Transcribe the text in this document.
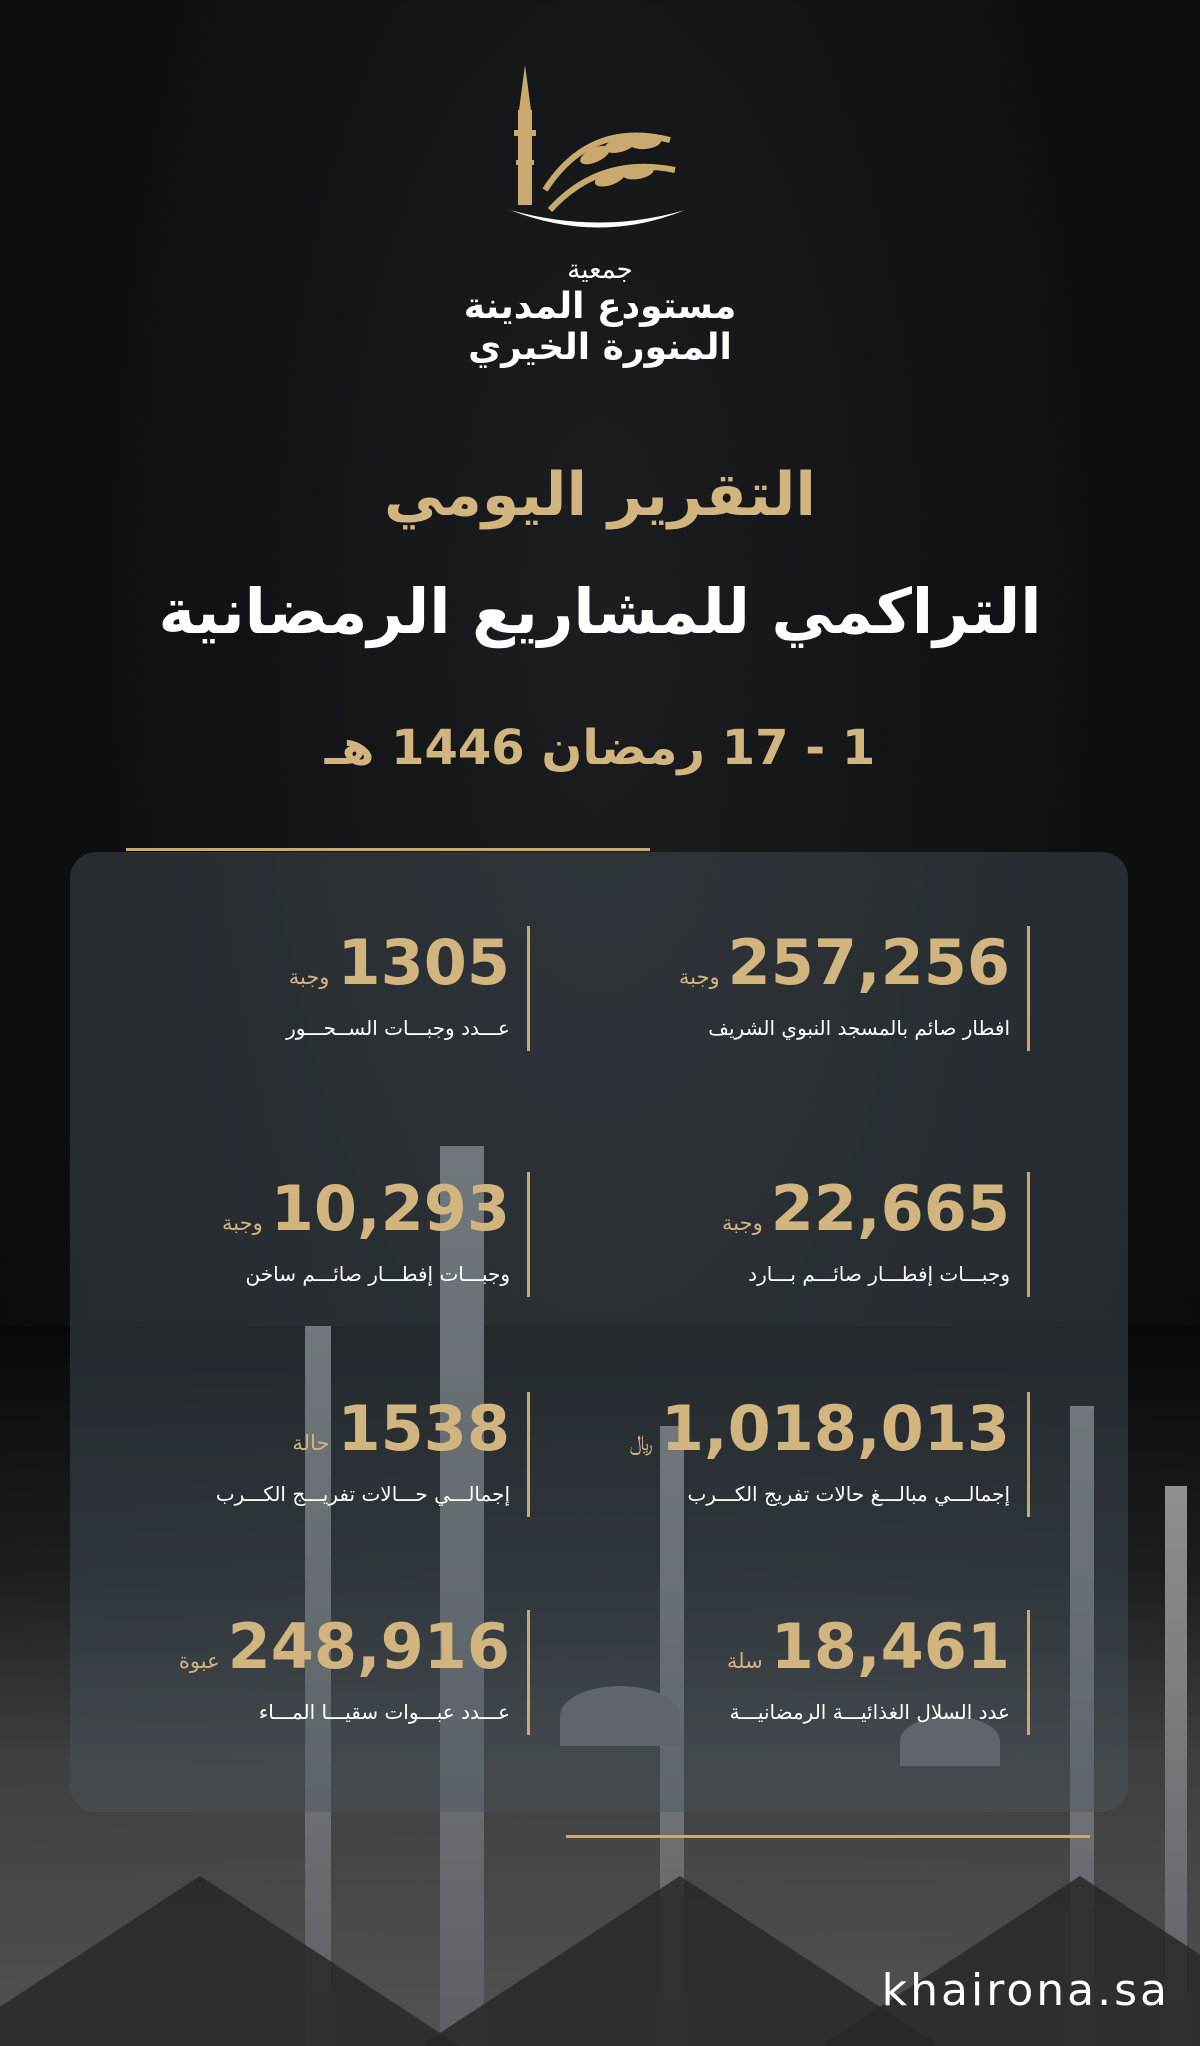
جمعية
مستودع المدينة
المنورة الخيري
التقرير اليومي
التراكمي للمشاريع الرمضانية
1 - 17 رمضان 1446 هـ
257,256
وجبة
افطار صائم بالمسجد النبوي الشريف
1305
وجبة
عـــدد وجبـــات الســحـــور
22,665
وجبة
وجبـــات إفطـــار صائـــم بـــارد
10,293
وجبة
وجبـــات إفطـــار صائـــم ساخن
1,018,013
﷼
إجمالـــي مبالـــغ حالات تفريج الكـــرب
1538
حالة
إجمالـــي حـــالات تفريـــج الكـــرب
18,461
سلة
عدد السلال الغذائيـــة الرمضانيـــة
248,916
عبوة
عـــدد عبـــوات سقيـــا المـــاء
khairona.sa
